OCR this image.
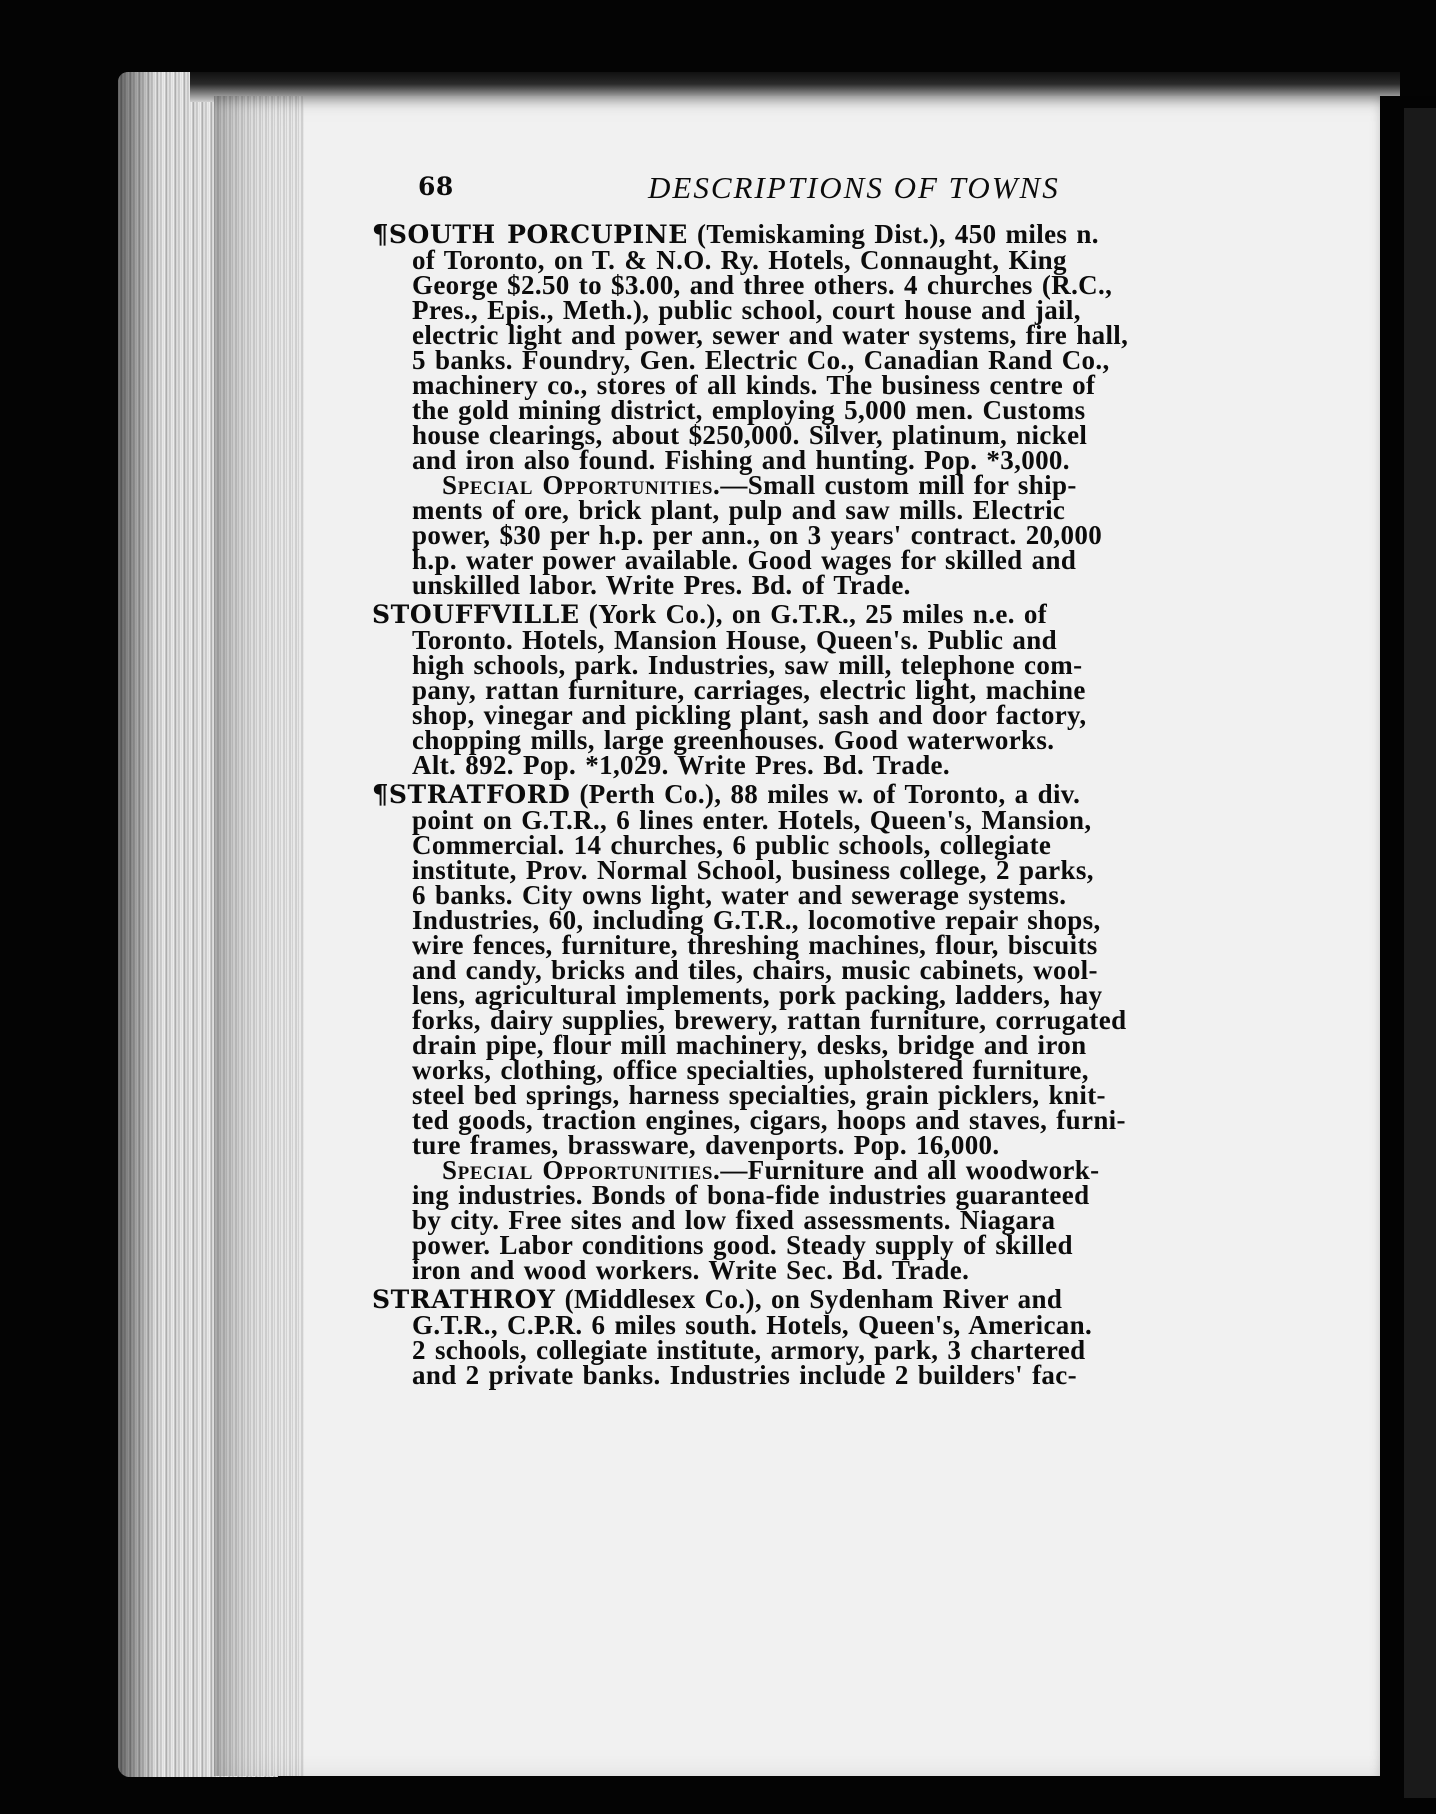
68	DESCRIPTIONS OF TOWNS
¶SOUTH PORCUPINE (Temiskaming Dist.), 450 miles n.
of Toronto, on T. & N.O. Ry. Hotels, Connaught, King
George $2.50 to $3.00, and three others. 4 churches (R.C.,
Pres., Epis., Meth.), public school, court house and jail,
electric light and power, sewer and water systems, fire hall,
5 banks. Foundry, Gen. Electric Co., Canadian Rand Co.,
machinery co., stores of all kinds. The business centre of
the gold mining district, employing 5,000 men. Customs
house clearings, about $250,000. Silver, platinum, nickel
and iron also found. Fishing and hunting. Pop. *3,000.
Special Opportunities.—Small custom mill for ship-
ments of ore, brick plant, pulp and saw mills. Electric
power, $30 per h.p. per ann., on 3 years' contract. 20,000
h.p. water power available. Good wages for skilled and
unskilled labor. Write Pres. Bd. of Trade.
STOUFFVILLE (York Co.), on G.T.R., 25 miles n.e. of
Toronto. Hotels, Mansion House, Queen's. Public and
high schools, park. Industries, saw mill, telephone com-
pany, rattan furniture, carriages, electric light, machine
shop, vinegar and pickling plant, sash and door factory,
chopping mills, large greenhouses. Good waterworks.
Alt. 892. Pop. *1,029. Write Pres. Bd. Trade.
¶STRATFORD (Perth Co.), 88 miles w. of Toronto, a div.
point on G.T.R., 6 lines enter. Hotels, Queen's, Mansion,
Commercial. 14 churches, 6 public schools, collegiate
institute, Prov. Normal School, business college, 2 parks,
6 banks. City owns light, water and sewerage systems.
Industries, 60, including G.T.R., locomotive repair shops,
wire fences, furniture, threshing machines, flour, biscuits
and candy, bricks and tiles, chairs, music cabinets, wool-
lens, agricultural implements, pork packing, ladders, hay
forks, dairy supplies, brewery, rattan furniture, corrugated
drain pipe, flour mill machinery, desks, bridge and iron
works, clothing, office specialties, upholstered furniture,
steel bed springs, harness specialties, grain picklers, knit-
ted goods, traction engines, cigars, hoops and staves, furni-
ture frames, brassware, davenports. Pop. 16,000.
Special Opportunities.—Furniture and all woodwork-
ing industries. Bonds of bona-fide industries guaranteed
by city. Free sites and low fixed assessments. Niagara
power. Labor conditions good. Steady supply of skilled
iron and wood workers. Write Sec. Bd. Trade.
STRATHROY (Middlesex Co.), on Sydenham River and
G.T.R., C.P.R. 6 miles south. Hotels, Queen's, American.
2 schools, collegiate institute, armory, park, 3 chartered
and 2 private banks. Industries include 2 builders' fac-
